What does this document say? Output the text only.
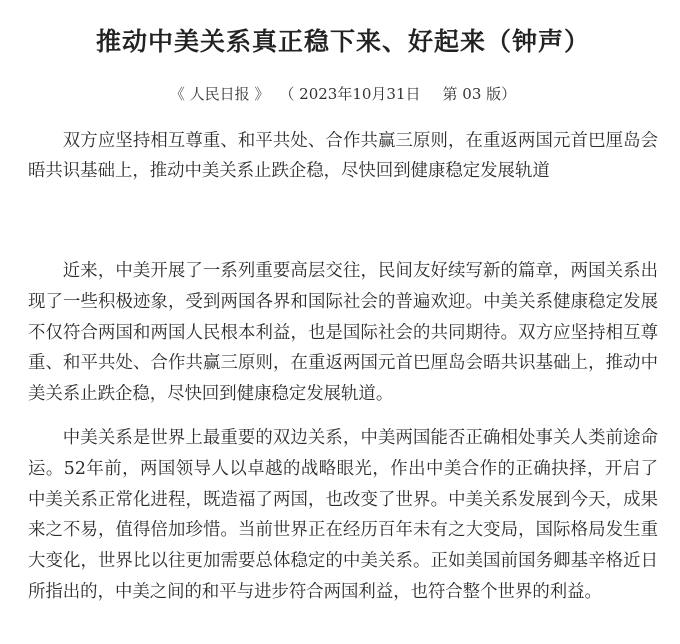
推动中美关系真正稳下来、好起来（钟声）
《 人民日报 》 （ 2023年10月31日 第 03 版）

双方应坚持相互尊重、和平共处、合作共赢三原则，在重返两国元首巴厘岛会晤共识基础上，推动中美关系止跌企稳，尽快回到健康稳定发展轨道

近来，中美开展了一系列重要高层交往，民间友好续写新的篇章，两国关系出现了一些积极迹象，受到两国各界和国际社会的普遍欢迎。中美关系健康稳定发展不仅符合两国和两国人民根本利益，也是国际社会的共同期待。双方应坚持相互尊重、和平共处、合作共赢三原则，在重返两国元首巴厘岛会晤共识基础上，推动中美关系止跌企稳，尽快回到健康稳定发展轨道。

中美关系是世界上最重要的双边关系，中美两国能否正确相处事关人类前途命运。52年前，两国领导人以卓越的战略眼光，作出中美合作的正确抉择，开启了中美关系正常化进程，既造福了两国，也改变了世界。中美关系发展到今天，成果来之不易，值得倍加珍惜。当前世界正在经历百年未有之大变局，国际格局发生重大变化，世界比以往更加需要总体稳定的中美关系。正如美国前国务卿基辛格近日所指出的，中美之间的和平与进步符合两国利益，也符合整个世界的利益。
